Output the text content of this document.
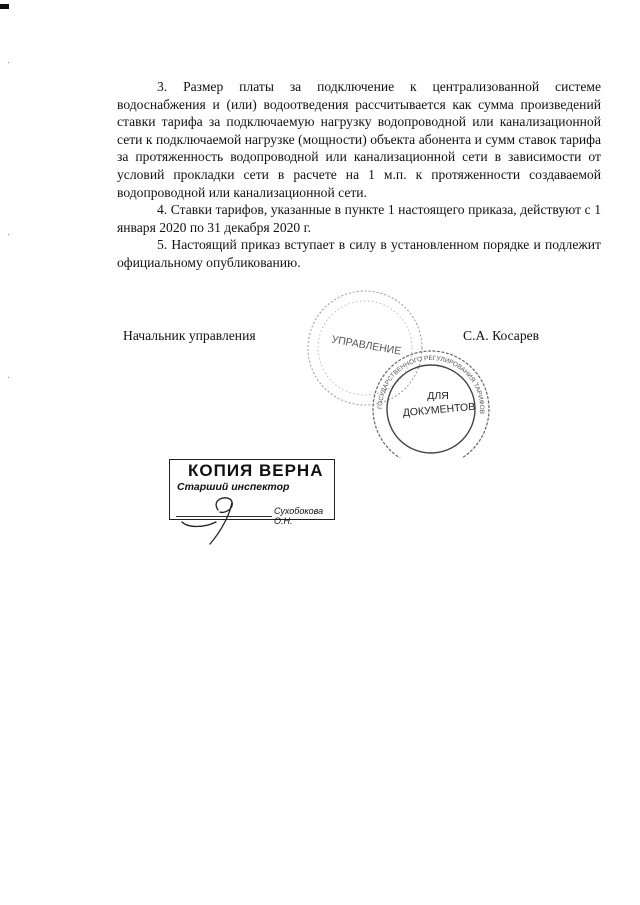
3. Размер платы за подключение к централизованной системе водоснабжения и (или) водоотведения рассчитывается как сумма произведений ставки тарифа за подключаемую нагрузку водопроводной или канализационной сети к подключаемой нагрузке (мощности) объекта абонента и сумм ставок тарифа за протяженность водопроводной или канализационной сети в зависимости от условий прокладки сети в расчете на 1 м.п. к протяженности создаваемой водопроводной или канализационной сети.

4. Ставки тарифов, указанные в пункте 1 настоящего приказа, действуют с 1 января 2020 по 31 декабря 2020 г.

5. Настоящий приказ вступает в силу в установленном порядке и подлежит официальному опубликованию.

Начальник управления	С.А. Косарев
УПРАВЛЕНИЕ
ГОСУДАРСТВЕННОГО РЕГУЛИРОВАНИЯ ТАРИФОВ
ДЛЯ
ДОКУМЕНТОВ
КОПИЯ ВЕРНА
Старший инспектор
Сухобокова О.Н.
